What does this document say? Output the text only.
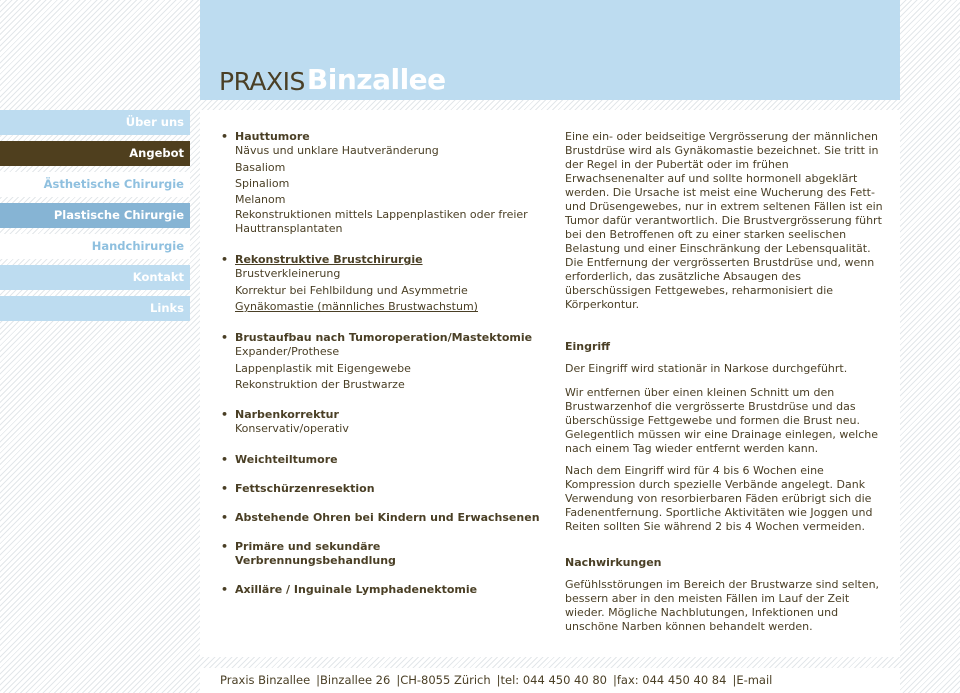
PRAXIS Binzallee
Über uns
Angebot
Ästhetische Chirurgie
Plastische Chirurgie
Handchirurgie
Kontakt
Links
• Hauttumore
Nävus und unklare Hautveränderung
Basaliom
Spinaliom
Melanom
Rekonstruktionen mittels Lappenplastiken oder freier Hauttransplantaten
• Rekonstruktive Brustchirurgie
Brustverkleinerung
Korrektur bei Fehlbildung und Asymmetrie
Gynäkomastie (männliches Brustwachstum)
• Brustaufbau nach Tumoroperation/Mastektomie
Expander/Prothese
Lappenplastik mit Eigengewebe
Rekonstruktion der Brustwarze
• Narbenkorrektur
Konservativ/operativ
• Weichteiltumore
• Fettschürzenresektion
• Abstehende Ohren bei Kindern und Erwachsenen
• Primäre und sekundäre Verbrennungsbehandlung
• Axilläre / Inguinale Lymphadenektomie

Eine ein- oder beidseitige Vergrösserung der männlichen Brustdrüse wird als Gynäkomastie bezeichnet. Sie tritt in der Regel in der Pubertät oder im frühen Erwachsenenalter auf und sollte hormonell abgeklärt werden. Die Ursache ist meist eine Wucherung des Fett- und Drüsengewebes, nur in extrem seltenen Fällen ist ein Tumor dafür verantwortlich. Die Brustvergrösserung führt bei den Betroffenen oft zu einer starken seelischen Belastung und einer Einschränkung der Lebensqualität. Die Entfernung der vergrösserten Brustdrüse und, wenn erforderlich, das zusätzliche Absaugen des überschüssigen Fettgewebes, reharmonisiert die Körperkontur.

Eingriff

Der Eingriff wird stationär in Narkose durchgeführt.

Wir entfernen über einen kleinen Schnitt um den Brustwarzenhof die vergrösserte Brustdrüse und das überschüssige Fettgewebe und formen die Brust neu. Gelegentlich müssen wir eine Drainage einlegen, welche nach einem Tag wieder entfernt werden kann.

Nach dem Eingriff wird für 4 bis 6 Wochen eine Kompression durch spezielle Verbände angelegt. Dank Verwendung von resorbierbaren Fäden erübrigt sich die Fadenentfernung. Sportliche Aktivitäten wie Joggen und Reiten sollten Sie während 2 bis 4 Wochen vermeiden.

Nachwirkungen

Gefühlsstörungen im Bereich der Brustwarze sind selten, bessern aber in den meisten Fällen im Lauf der Zeit wieder. Mögliche Nachblutungen, Infektionen und unschöne Narben können behandelt werden.

Praxis Binzallee |Binzallee 26 |CH-8055 Zürich |tel: 044 450 40 80 |fax: 044 450 40 84 |E-mail
